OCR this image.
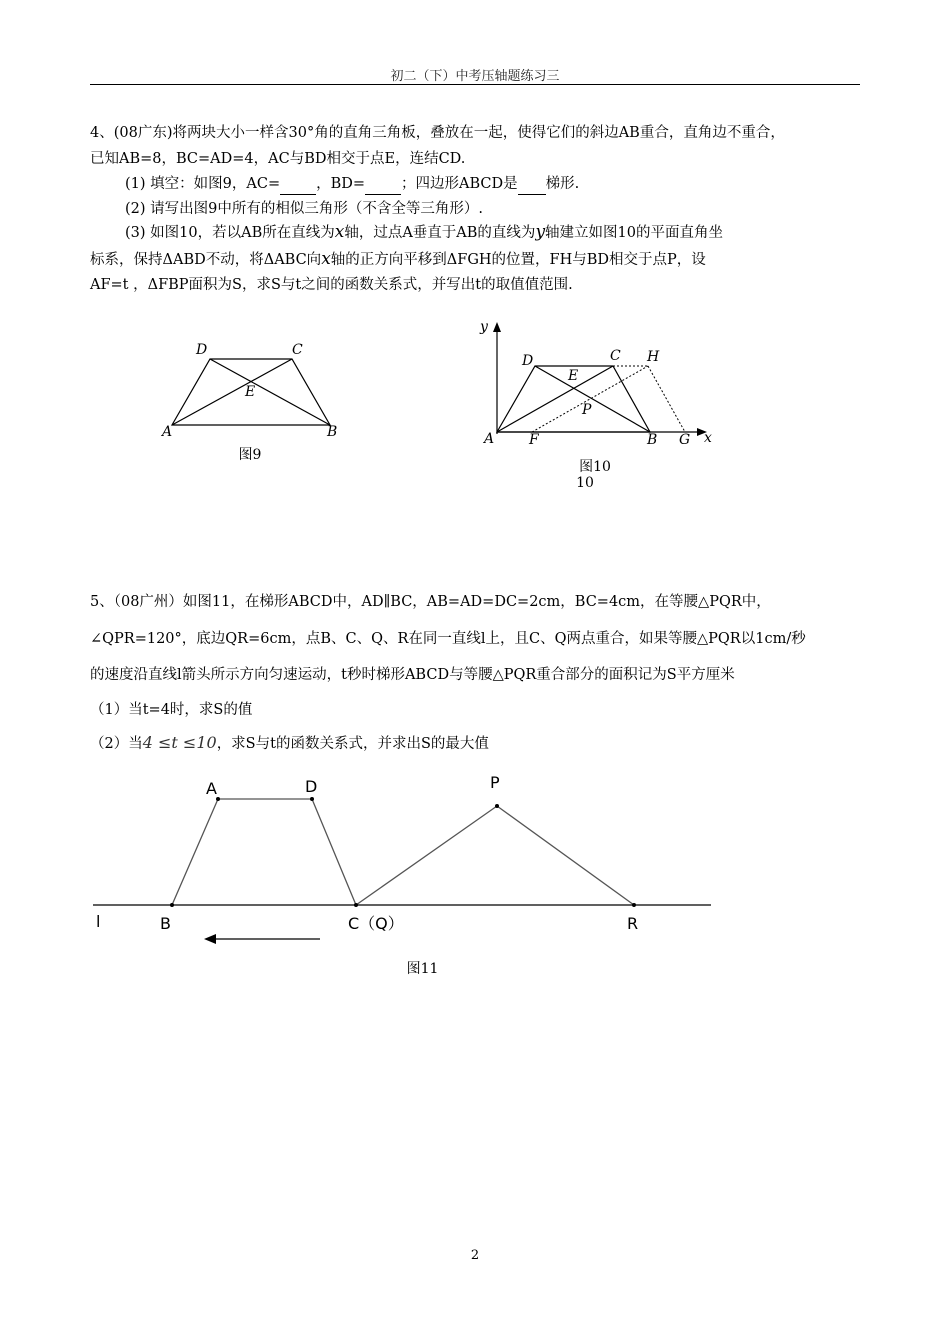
初二（下）中考压轴题练习三
4、(08广东)将两块大小一样含30°角的直角三角板，叠放在一起，使得它们的斜边AB重合，直角边不重合，
已知AB=8，BC=AD=4，AC与BD相交于点E，连结CD.
(1) 填空：如图9，AC= ，BD= ；四边形ABCD是 梯形.
(2) 请写出图9中所有的相似三角形（不含全等三角形）.
(3) 如图10，若以AB所在直线为x轴，过点A垂直于AB的直线为y轴建立如图10的平面直角坐
标系，保持ΔABD不动，将ΔABC向x轴的正方向平移到ΔFGH的位置，FH与BD相交于点P，设
AF=t ，ΔFBP面积为S，求S与t之间的函数关系式，并写出t的取值值范围.
D	C
E
A	B
图9
y
x
D	C H
E
P
A F	B G
图10
10
5、（08广州）如图11，在梯形ABCD中，AD∥BC，AB=AD=DC=2cm，BC=4cm，在等腰△PQR中，
∠QPR=120°，底边QR=6cm，点B、C、Q、R在同一直线l上，且C、Q两点重合，如果等腰△PQR以1cm/秒
的速度沿直线l箭头所示方向匀速运动，t秒时梯形ABCD与等腰△PQR重合部分的面积记为S平方厘米
（1）当t=4时，求S的值
（2）当4 ≤t ≤10，求S与t的函数关系式，并求出S的最大值
A	D	P
l	B	C（Q）	R
图11
2
